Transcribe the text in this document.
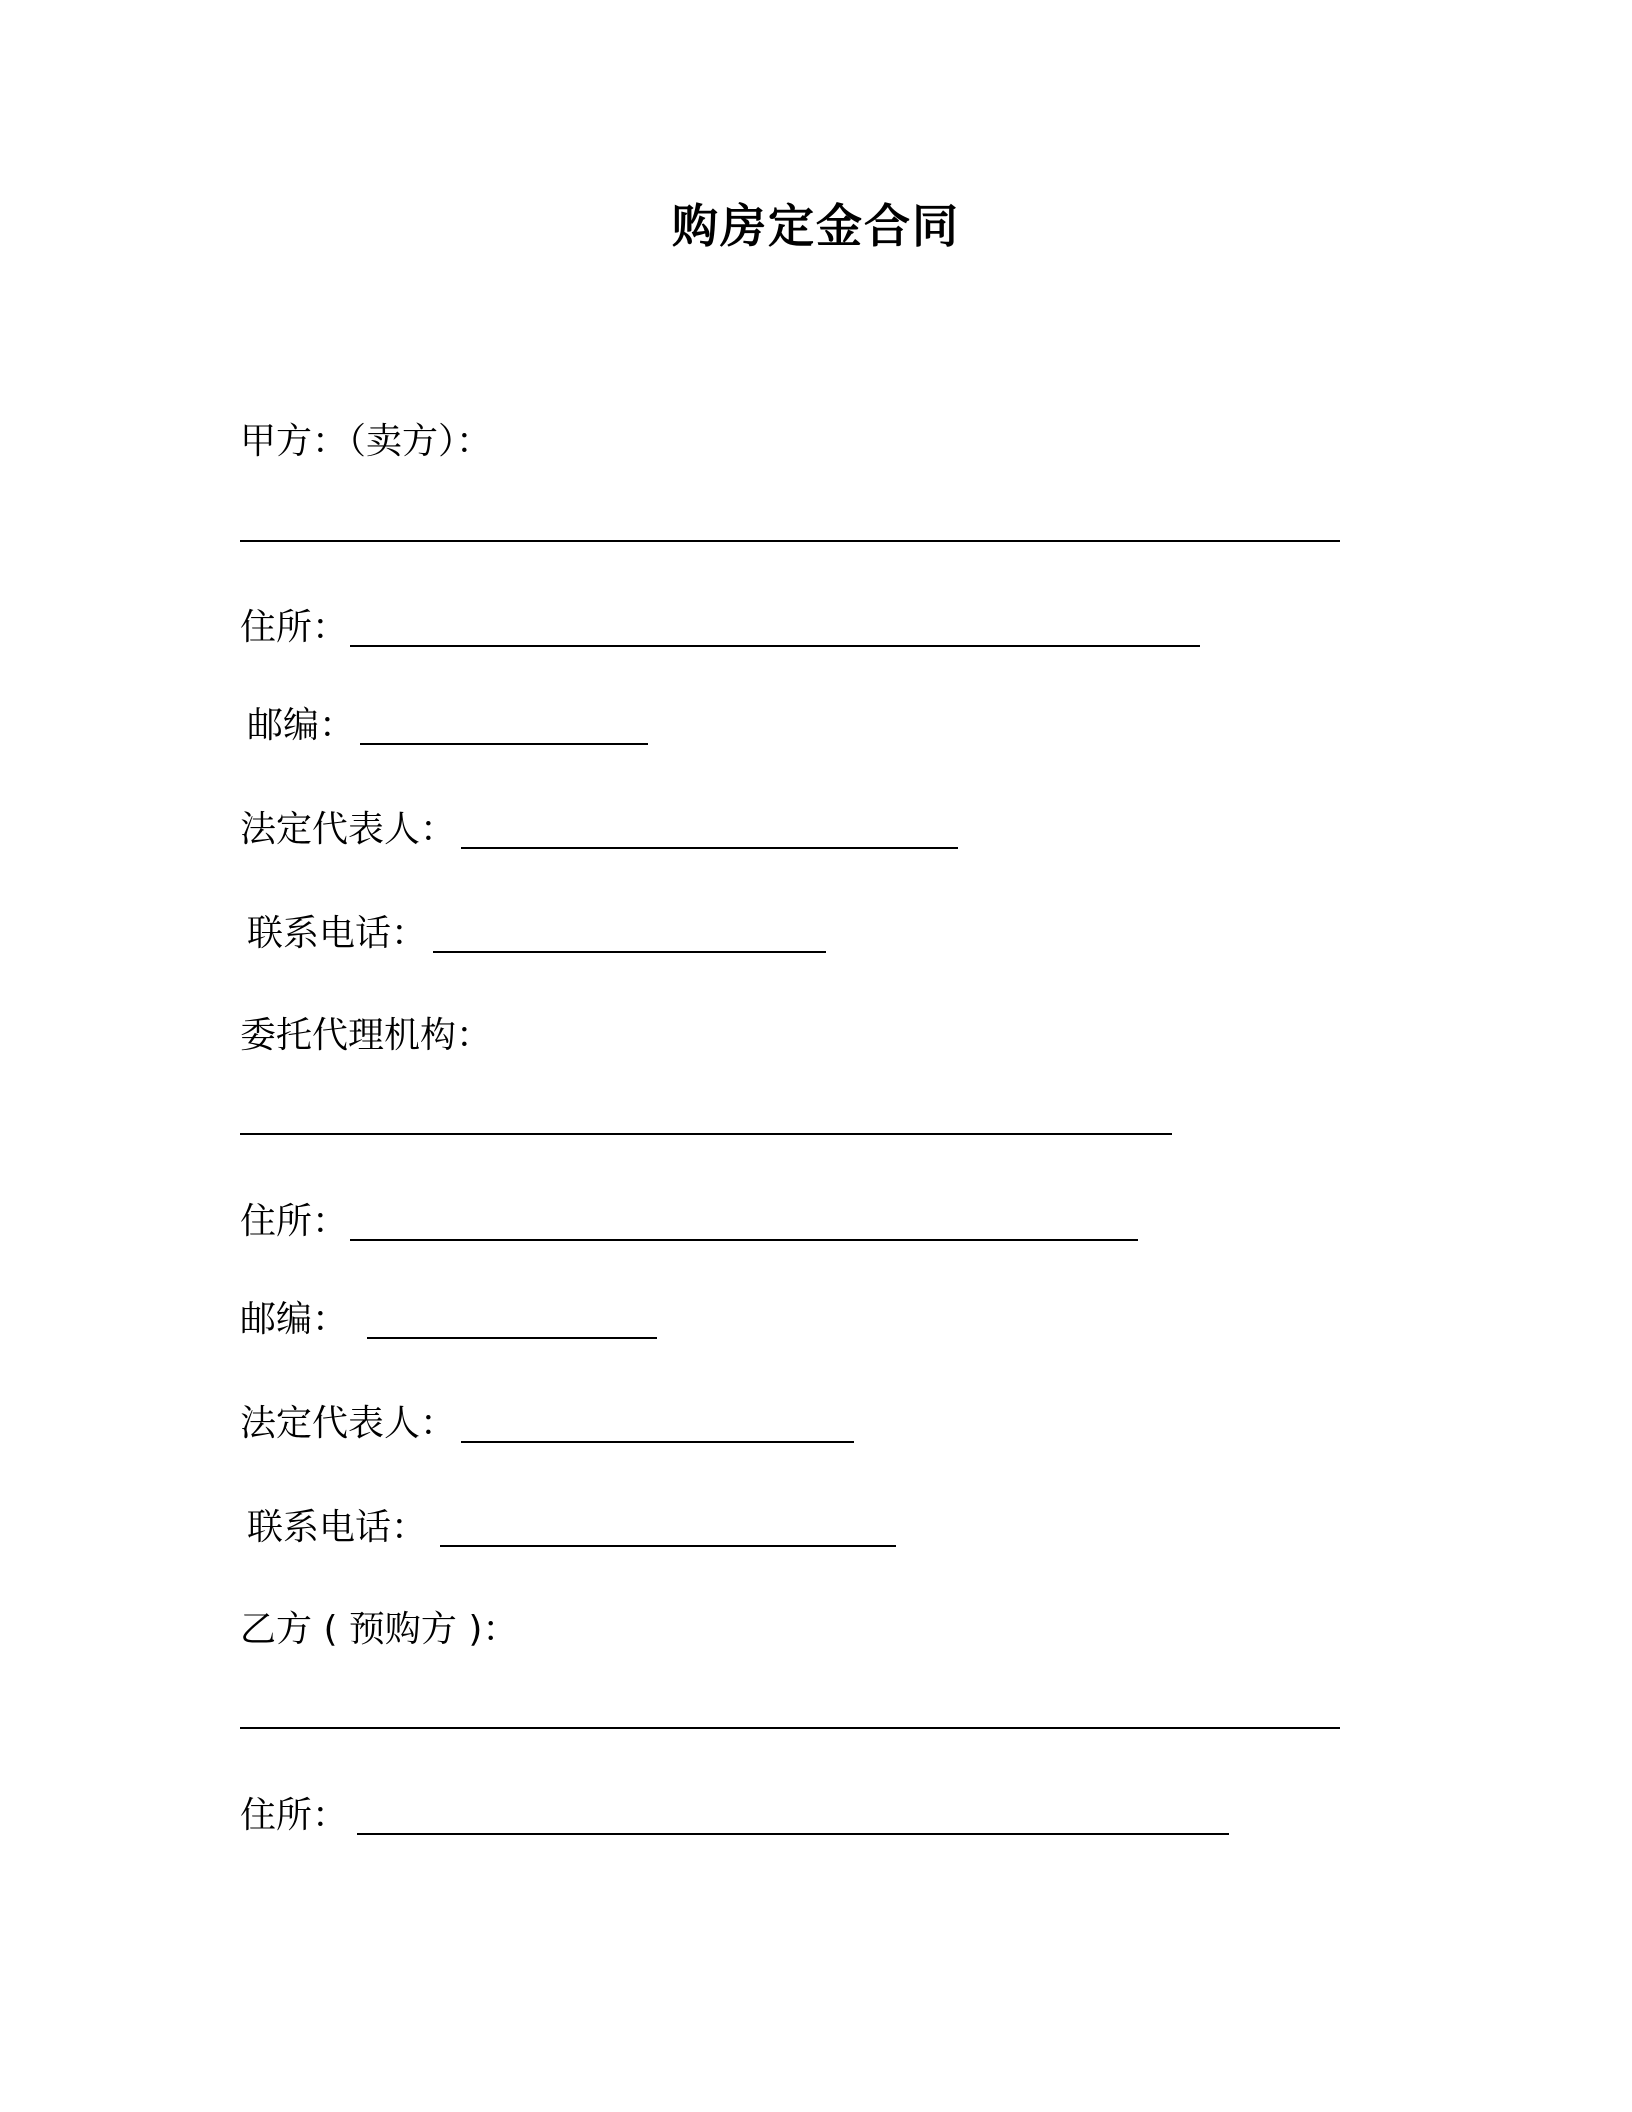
购房定金合同
甲方：（卖方）：
住所：
邮编：
法定代表人：
联系电话：
委托代理机构：
住所：
邮编：
法定代表人：
联系电话：
乙方 ( 预购方 )：
住所：
